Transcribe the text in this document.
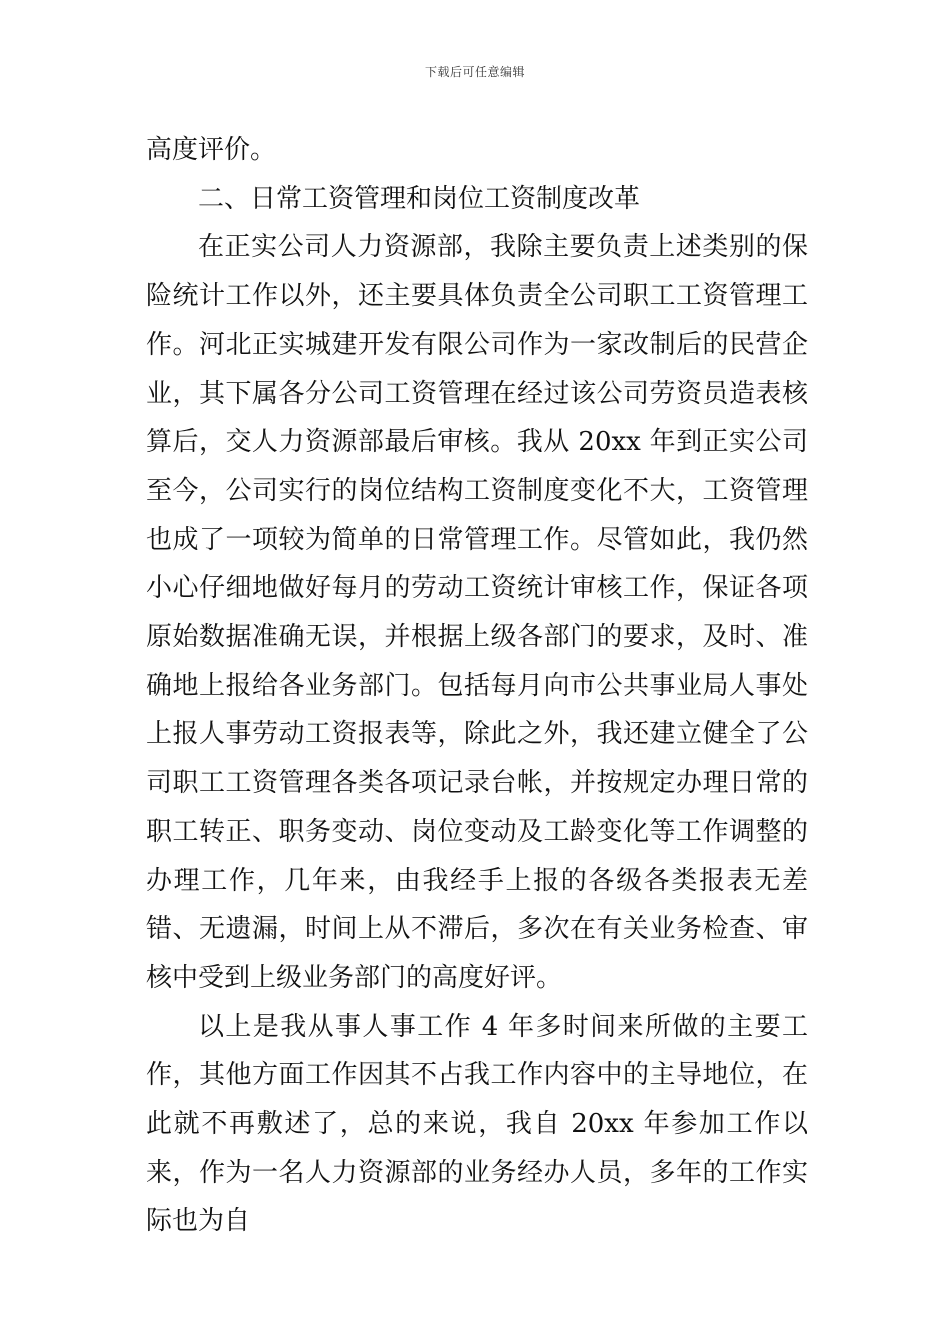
下载后可任意编辑

高度评价。

二、日常工资管理和岗位工资制度改革

在正实公司人力资源部，我除主要负责上述类别的保险统计工作以外，还主要具体负责全公司职工工资管理工作。河北正实城建开发有限公司作为一家改制后的民营企业，其下属各分公司工资管理在经过该公司劳资员造表核算后，交人力资源部最后审核。我从 20xx 年到正实公司至今，公司实行的岗位结构工资制度变化不大，工资管理也成了一项较为简单的日常管理工作。尽管如此，我仍然小心仔细地做好每月的劳动工资统计审核工作，保证各项原始数据准确无误，并根据上级各部门的要求，及时、准确地上报给各业务部门。包括每月向市公共事业局人事处上报人事劳动工资报表等，除此之外，我还建立健全了公司职工工资管理各类各项记录台帐，并按规定办理日常的职工转正、职务变动、岗位变动及工龄变化等工作调整的办理工作，几年来，由我经手上报的各级各类报表无差错、无遗漏，时间上从不滞后，多次在有关业务检查、审核中受到上级业务部门的高度好评。

以上是我从事人事工作 4 年多时间来所做的主要工作，其他方面工作因其不占我工作内容中的主导地位，在此就不再敷述了，总的来说，我自 20xx 年参加工作以来，作为一名人力资源部的业务经办人员，多年的工作实际也为自
